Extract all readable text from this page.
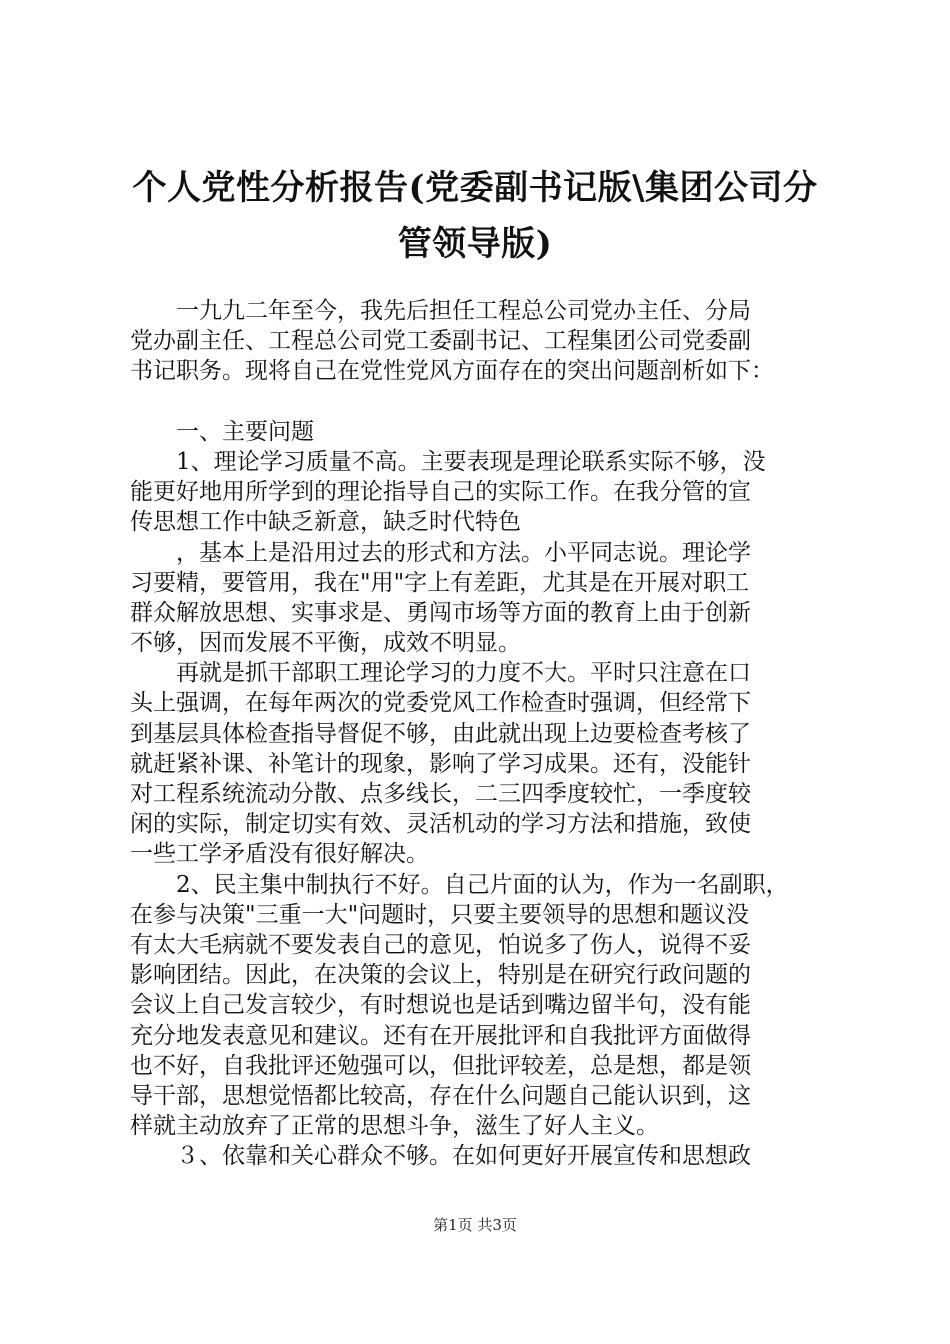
个人党性分析报告(党委副书记版\集团公司分
管领导版)
　　一九九二年至今，我先后担任工程总公司党办主任、分局
党办副主任、工程总公司党工委副书记、工程集团公司党委副
书记职务。现将自己在党性党风方面存在的突出问题剖析如下：
　　一、主要问题
　　1、理论学习质量不高。主要表现是理论联系实际不够，没
能更好地用所学到的理论指导自己的实际工作。在我分管的宣
传思想工作中缺乏新意，缺乏时代特色
　　，基本上是沿用过去的形式和方法。小平同志说。理论学
习要精，要管用，我在"用"字上有差距，尤其是在开展对职工
群众解放思想、实事求是、勇闯市场等方面的教育上由于创新
不够，因而发展不平衡，成效不明显。
　　再就是抓干部职工理论学习的力度不大。平时只注意在口
头上强调，在每年两次的党委党风工作检查时强调，但经常下
到基层具体检查指导督促不够，由此就出现上边要检查考核了
就赶紧补课、补笔计的现象，影响了学习成果。还有，没能针
对工程系统流动分散、点多线长，二三四季度较忙，一季度较
闲的实际，制定切实有效、灵活机动的学习方法和措施，致使
一些工学矛盾没有很好解决。
　　2、民主集中制执行不好。自己片面的认为，作为一名副职，
在参与决策"三重一大"问题时，只要主要领导的思想和题议没
有太大毛病就不要发表自己的意见，怕说多了伤人，说得不妥
影响团结。因此，在决策的会议上，特别是在研究行政问题的
会议上自己发言较少，有时想说也是话到嘴边留半句，没有能
充分地发表意见和建议。还有在开展批评和自我批评方面做得
也不好，自我批评还勉强可以，但批评较差，总是想，都是领
导干部，思想觉悟都比较高，存在什么问题自己能认识到，这
样就主动放弃了正常的思想斗争，滋生了好人主义。
　　３、依靠和关心群众不够。在如何更好开展宣传和思想政
第1页 共3页
